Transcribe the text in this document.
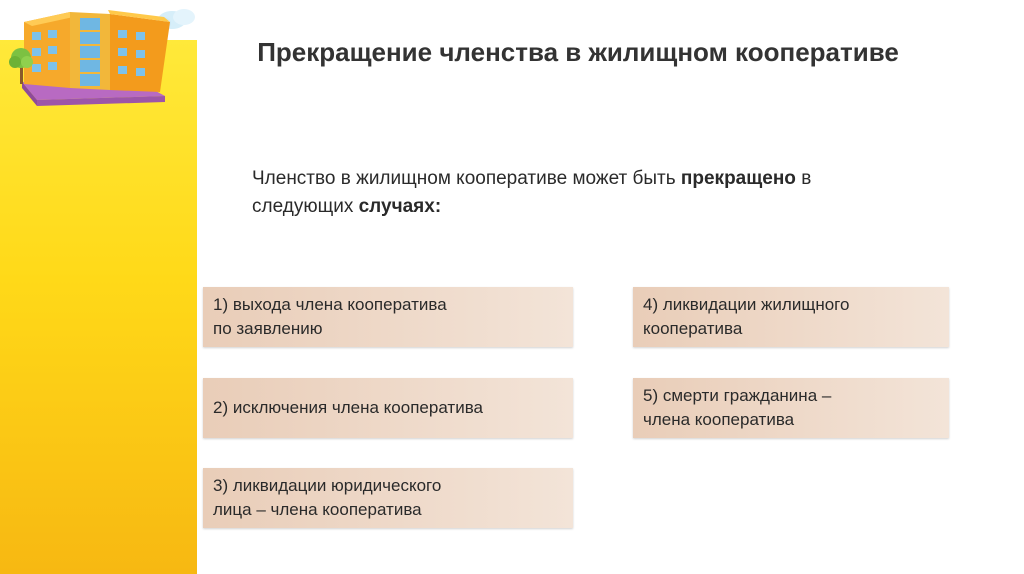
Прекращение членства в жилищном кооперативе
Членство в жилищном кооперативе может быть прекращено в следующих случаях:
1) выхода члена кооператива
по заявлению
2) исключения члена кооператива
3) ликвидации юридического
лица – члена кооператива
4) ликвидации жилищного
кооператива
5) смерти гражданина –
члена кооператива
